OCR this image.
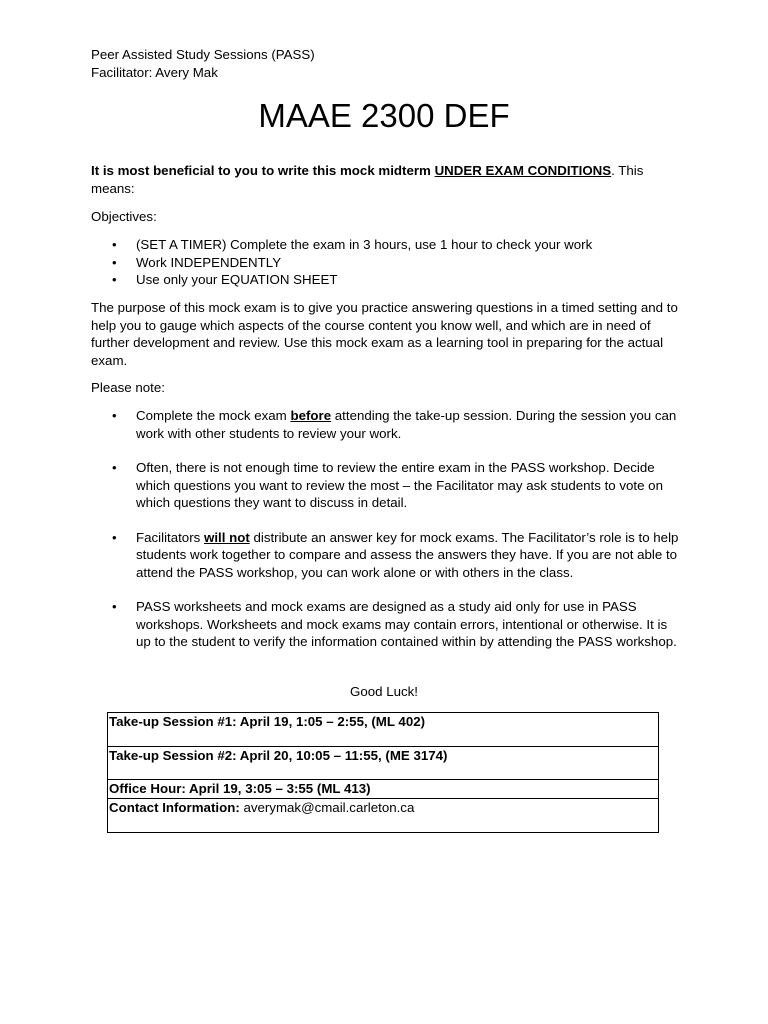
Peer Assisted Study Sessions (PASS)
Facilitator: Avery Mak
MAAE 2300 DEF
It is most beneficial to you to write this mock midterm UNDER EXAM CONDITIONS. This means:
Objectives:
• (SET A TIMER) Complete the exam in 3 hours, use 1 hour to check your work
• Work INDEPENDENTLY
• Use only your EQUATION SHEET
The purpose of this mock exam is to give you practice answering questions in a timed setting and to help you to gauge which aspects of the course content you know well, and which are in need of further development and review. Use this mock exam as a learning tool in preparing for the actual exam.
Please note:
• Complete the mock exam before attending the take-up session. During the session you can work with other students to review your work.
• Often, there is not enough time to review the entire exam in the PASS workshop. Decide which questions you want to review the most – the Facilitator may ask students to vote on which questions they want to discuss in detail.
• Facilitators will not distribute an answer key for mock exams. The Facilitator’s role is to help students work together to compare and assess the answers they have. If you are not able to attend the PASS workshop, you can work alone or with others in the class.
• PASS worksheets and mock exams are designed as a study aid only for use in PASS workshops. Worksheets and mock exams may contain errors, intentional or otherwise. It is up to the student to verify the information contained within by attending the PASS workshop.
Good Luck!
Take-up Session #1: April 19, 1:05 – 2:55, (ML 402)
Take-up Session #2: April 20, 10:05 – 11:55, (ME 3174)
Office Hour: April 19, 3:05 – 3:55 (ML 413)
Contact Information: averymak@cmail.carleton.ca
